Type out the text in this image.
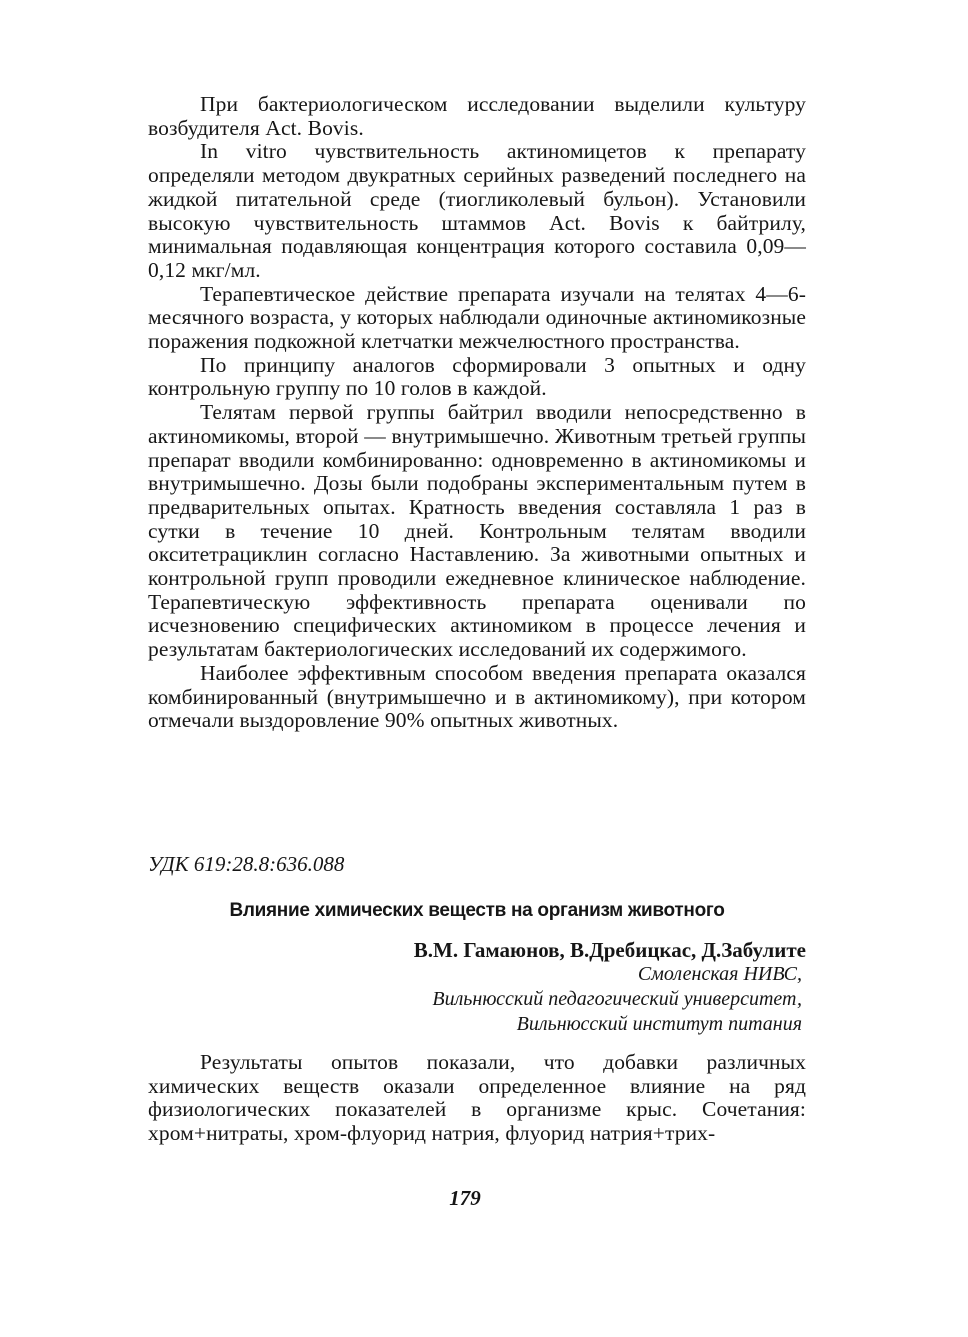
При бактериологическом исследовании выделили культуру возбудителя Act. Bovis.

In vitro чувствительность актиномицетов к препарату определяли методом двукратных серийных разведений последнего на жидкой питательной среде (тиогликолевый бульон). Установили высокую чувствительность штаммов Act. Bovis к байтрилу, минимальная подавляющая концентрация которого составила 0,09—0,12 мкг/мл.

Терапевтическое действие препарата изучали на телятах 4—6-месячного возраста, у которых наблюдали одиночные актиномикозные поражения подкожной клетчатки межчелюстного пространства.

По принципу аналогов сформировали 3 опытных и одну контрольную группу по 10 голов в каждой.

Телятам первой группы байтрил вводили непосредственно в актиномикомы, второй — внутримышечно. Животным третьей группы препарат вводили комбинированно: одновременно в актиномикомы и внутримышечно. Дозы были подобраны экспериментальным путем в предварительных опытах. Кратность введения составляла 1 раз в сутки в течение 10 дней. Контрольным телятам вводили окситетрациклин согласно Наставлению. За животными опытных и контрольной групп проводили ежедневное клиническое наблюдение. Терапевтическую эффективность препарата оценивали по исчезновению специфических актиномиком в процессе лечения и результатам бактериологических исследований их содержимого.

Наиболее эффективным способом введения препарата оказался комбинированный (внутримышечно и в актиномикому), при котором отмечали выздоровление 90% опытных животных.

УДК 619:28.8:636.088

Влияние химических веществ на организм животного

В.М. Гамаюнов, В.Дребицкас, Д.Забулите

Смоленская НИВС,
Вильнюсский педагогический университет,
Вильнюсский институт питания

Результаты опытов показали, что добавки различных химических веществ оказали определенное влияние на ряд физиологических показателей в организме крыс. Сочетания: хром+нитраты, хром-флуорид натрия, флуорид натрия+трих-

179
